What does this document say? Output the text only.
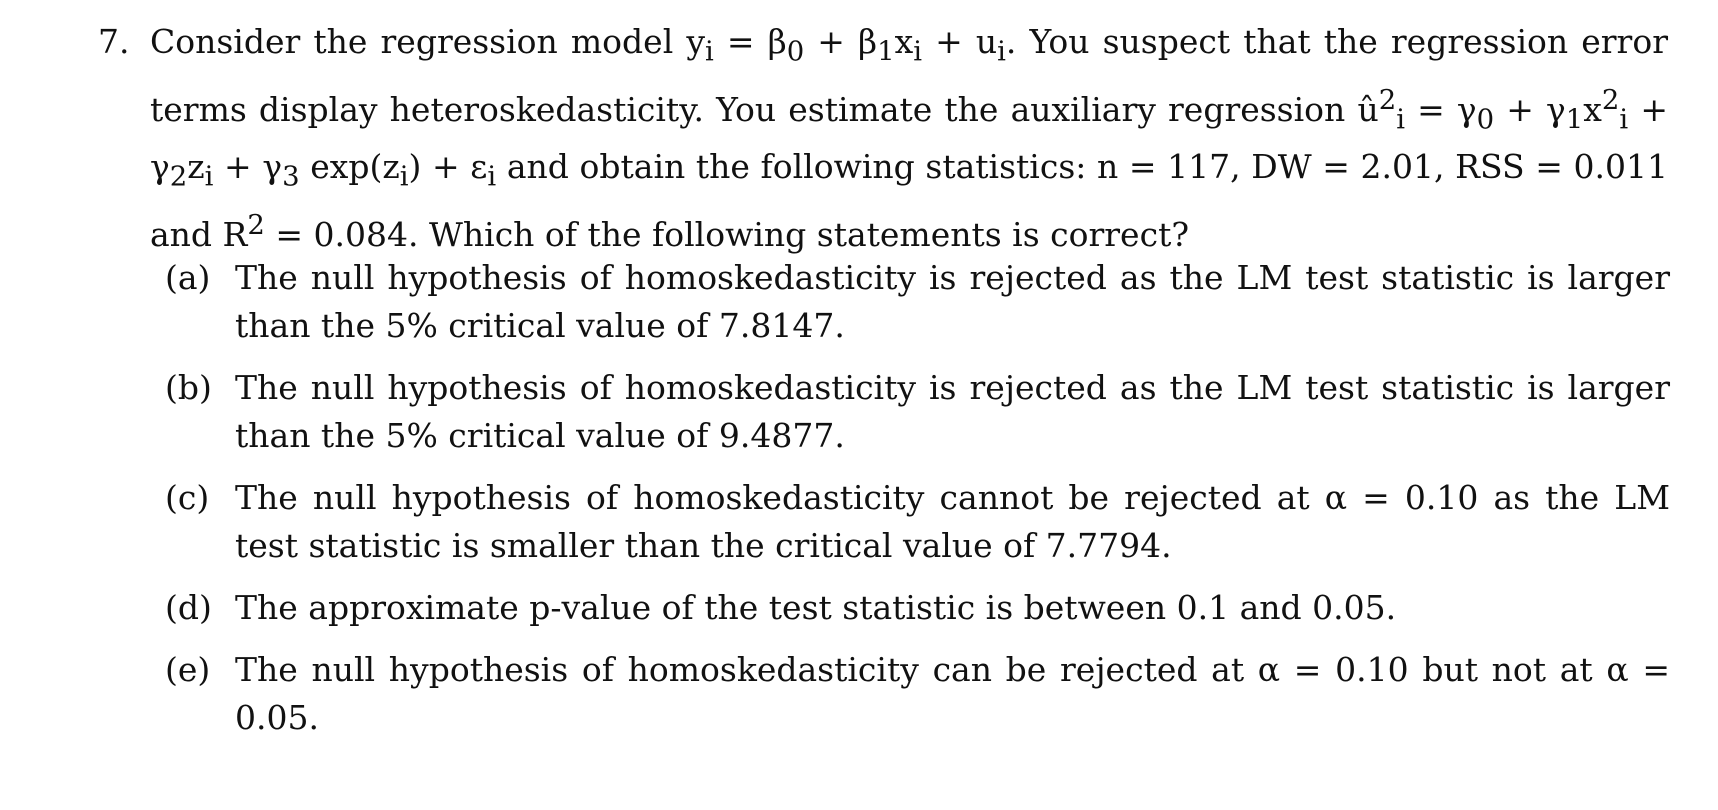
7. Consider the regression model $y_i = \beta_0 + \beta_1x_i + u_i$. You suspect that the regression error terms display heteroskedasticity. You estimate the auxiliary regression $û^2_i = \gamma_0 + \gamma_1x^2_i + \gamma_2z_i + \gamma_3$ $\exp(z_i) + \varepsilon_i$ and obtain the following statistics: n = 117, DW = 2.01, RSS = 0.011 and $R^2 = 0.084$. Which of the following statements is correct?
(a) The null hypothesis of homoskedasticity is rejected as the LM test statistic is larger than the 5% critical value of 7.8147.
(b) The null hypothesis of homoskedasticity is rejected as the LM test statistic is larger than the 5% critical value of 9.4877.
(c) The null hypothesis of homoskedasticity cannot be rejected at α = 0.10 as the LM test statistic is smaller than the critical value of 7.7794.
(d) The approximate p-value of the test statistic is between 0.1 and 0.05.
(e) The null hypothesis of homoskedasticity can be rejected at α = 0.10 but not at α = 0.05.
